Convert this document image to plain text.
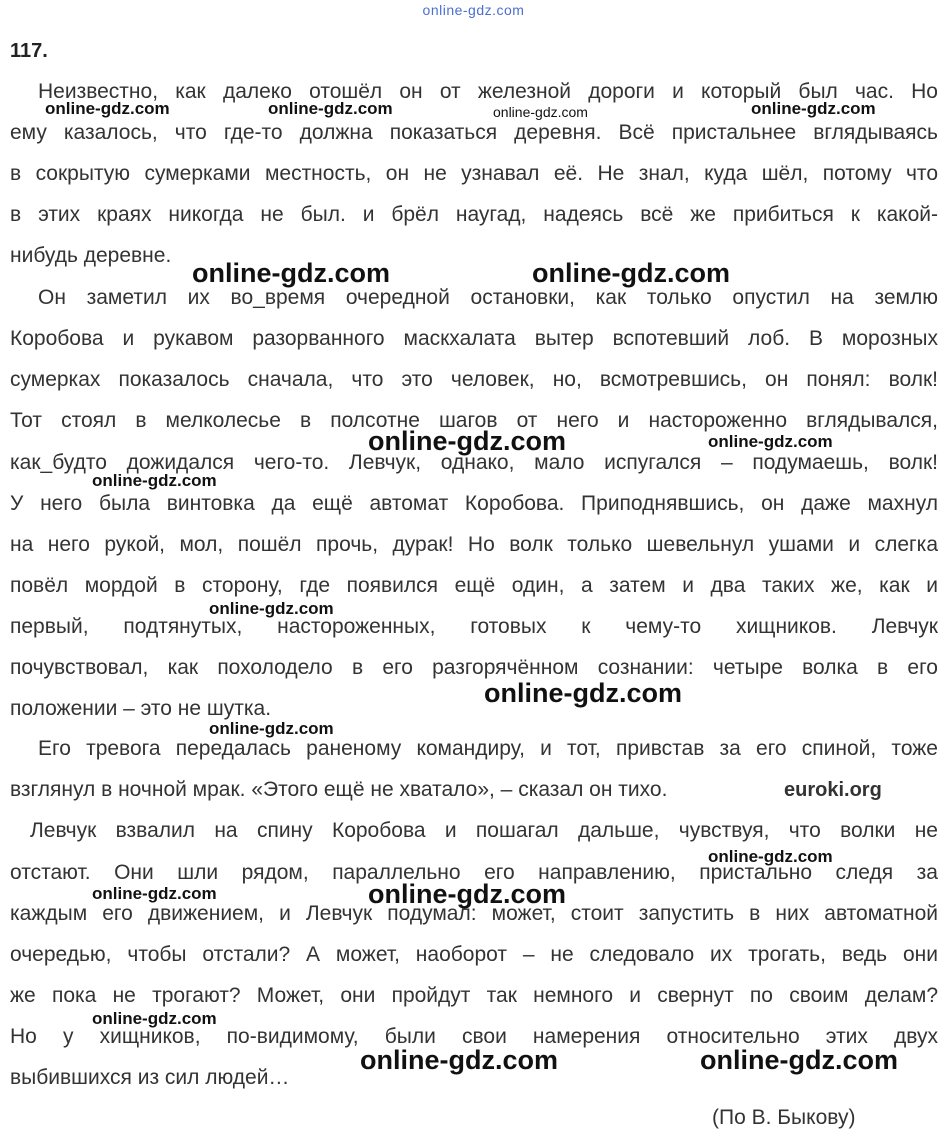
online-gdz.com
117.
Неизвестно, как далеко отошёл он от железной дороги и который был час. Но
ему казалось, что где-то должна показаться деревня. Всё пристальнее вглядываясь
в сокрытую сумерками местность, он не узнавал её. Не знал, куда шёл, потому что
в этих краях никогда не был. и брёл наугад, надеясь всё же прибиться к какой-
нибудь деревне.
Он заметил их во_время очередной остановки, как только опустил на землю
Коробова и рукавом разорванного маскхалата вытер вспотевший лоб. В морозных
сумерках показалось сначала, что это человек, но, всмотревшись, он понял: волк!
Тот стоял в мелколесье в полсотне шагов от него и настороженно вглядывался,
как_будто дожидался чего-то. Левчук, однако, мало испугался – подумаешь, волк!
У него была винтовка да ещё автомат Коробова. Приподнявшись, он даже махнул
на него рукой, мол, пошёл прочь, дурак! Но волк только шевельнул ушами и слегка
повёл мордой в сторону, где появился ещё один, а затем и два таких же, как и
первый, подтянутых, настороженных, готовых к чему-то хищников. Левчук
почувствовал, как похолодело в его разгорячённом сознании: четыре волка в его
положении – это не шутка.
Его тревога передалась раненому командиру, и тот, привстав за его спиной, тоже
взглянул в ночной мрак. «Этого ещё не хватало», – сказал он тихо.
Левчук взвалил на спину Коробова и пошагал дальше, чувствуя, что волки не
отстают. Они шли рядом, параллельно его направлению, пристально следя за
каждым его движением, и Левчук подумал: может, стоит запустить в них автоматной
очередью, чтобы отстали? А может, наоборот – не следовало их трогать, ведь они
же пока не трогают? Может, они пройдут так немного и свернут по своим делам?
Но у хищников, по-видимому, были свои намерения относительно этих двух
выбившихся из сил людей…
(По В. Быкову)
online-gdz.com	online-gdz.com	online-gdz.com	online-gdz.com
online-gdz.com	online-gdz.com
online-gdz.com	online-gdz.com
online-gdz.com
online-gdz.com
online-gdz.com
online-gdz.com
euroki.org
online-gdz.com
online-gdz.com
online-gdz.com
online-gdz.com
online-gdz.com	online-gdz.com
